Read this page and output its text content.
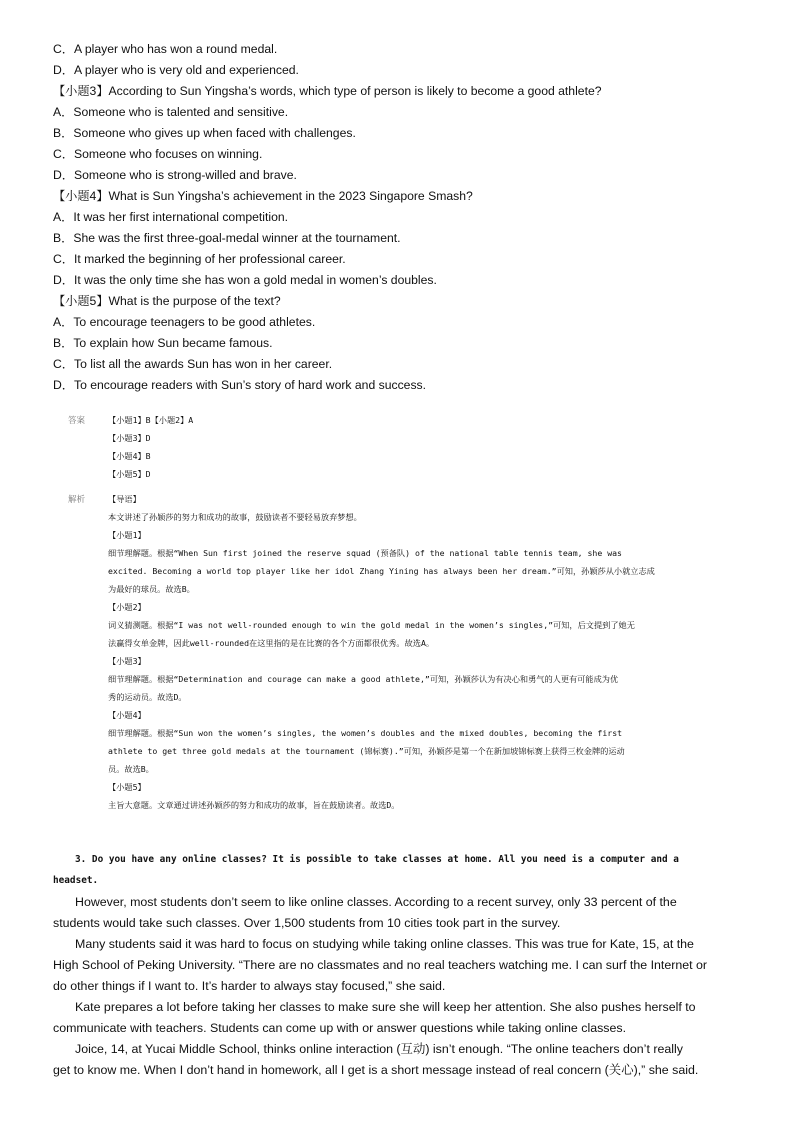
C．A player who has won a round medal.
D．A player who is very old and experienced.
【小题3】According to Sun Yingsha’s words, which type of person is likely to become a good athlete?
A．Someone who is talented and sensitive.
B．Someone who gives up when faced with challenges.
C．Someone who focuses on winning.
D．Someone who is strong-willed and brave.
【小题4】What is Sun Yingsha’s achievement in the 2023 Singapore Smash?
A．It was her first international competition.
B．She was the first three-goal-medal winner at the tournament.
C．It marked the beginning of her professional career.
D．It was the only time she has won a gold medal in women’s doubles.
【小题5】What is the purpose of the text?
A．To encourage teenagers to be good athletes.
B．To explain how Sun became famous.
C．To list all the awards Sun has won in her career.
D．To encourage readers with Sun’s story of hard work and success.
答案	【小题1】B【小题2】A
【小题3】D
【小题4】B
【小题5】D
解析	【导语】
本文讲述了孙颖莎的努力和成功的故事，鼓励读者不要轻易放弃梦想。
【小题1】
细节理解题。根据“When Sun first joined the reserve squad (预备队) of the national table tennis team, she was
excited. Becoming a world top player like her idol Zhang Yining has always been her dream.”可知，孙颖莎从小就立志成
为最好的球员。故选B。
【小题2】
词义猜测题。根据“I was not well-rounded enough to win the gold medal in the women’s singles,”可知，后文提到了她无
法赢得女单金牌，因此well-rounded在这里指的是在比赛的各个方面都很优秀。故选A。
【小题3】
细节理解题。根据“Determination and courage can make a good athlete,”可知，孙颖莎认为有决心和勇气的人更有可能成为优
秀的运动员。故选D。
【小题4】
细节理解题。根据“Sun won the women’s singles, the women’s doubles and the mixed doubles, becoming the first
athlete to get three gold medals at the tournament (锦标赛).”可知，孙颖莎是第一个在新加坡锦标赛上获得三枚金牌的运动
员。故选B。
【小题5】
主旨大意题。文章通过讲述孙颖莎的努力和成功的故事，旨在鼓励读者。故选D。
3. Do you have any online classes? It is possible to take classes at home. All you need is a computer and a
headset.
However, most students don’t seem to like online classes. According to a recent survey, only 33 percent of the
students would take such classes. Over 1,500 students from 10 cities took part in the survey.
Many students said it was hard to focus on studying while taking online classes. This was true for Kate, 15, at the
High School of Peking University. “There are no classmates and no real teachers watching me. I can surf the Internet or
do other things if I want to. It’s harder to always stay focused,” she said.
Kate prepares a lot before taking her classes to make sure she will keep her attention. She also pushes herself to
communicate with teachers. Students can come up with or answer questions while taking online classes.
Joice, 14, at Yucai Middle School, thinks online interaction (互动) isn’t enough. “The online teachers don’t really
get to know me. When I don’t hand in homework, all I get is a short message instead of real concern (关心),” she said.
